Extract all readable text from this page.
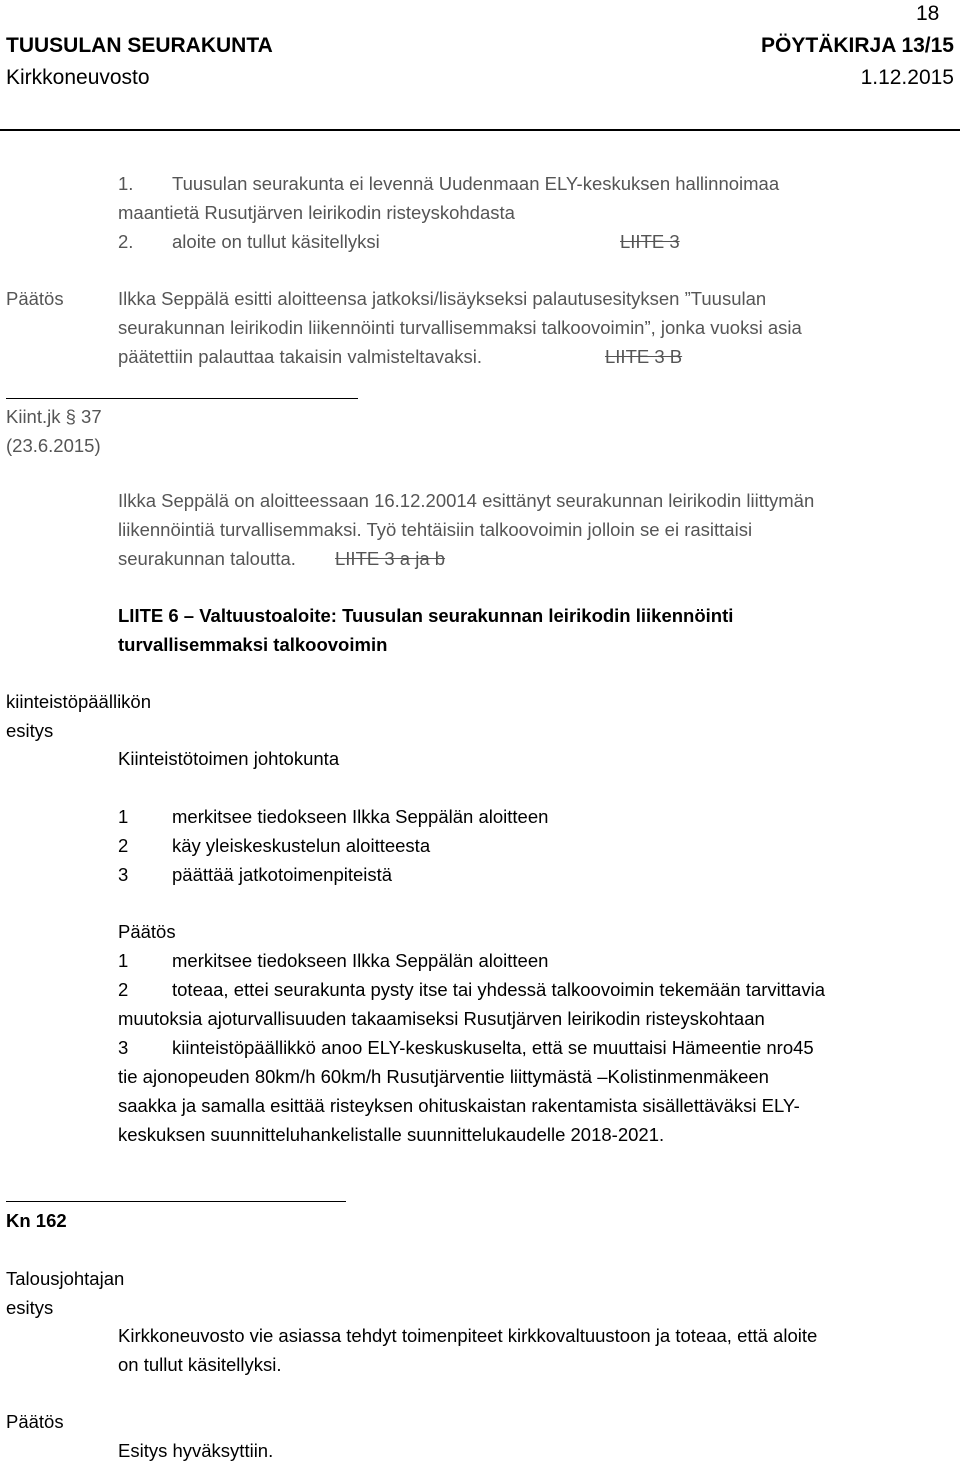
18
TUUSULAN SEURAKUNTA	PÖYTÄKIRJA 13/15
Kirkkoneuvosto	1.12.2015
1. Tuusulan seurakunta ei levennä Uudenmaan ELY-keskuksen hallinnoimaa
maantietä Rusutjärven leirikodin risteyskohdasta
2. aloite on tullut käsitellyksi	LIITE 3
Päätös	Ilkka Seppälä esitti aloitteensa jatkoksi/lisäykseksi palautusesityksen ”Tuusulan
seurakunnan leirikodin liikennöinti turvallisemmaksi talkoovoimin”, jonka vuoksi asia
päätettiin palauttaa takaisin valmisteltavaksi.	LIITE 3 B
Kiint.jk § 37
(23.6.2015)
Ilkka Seppälä on aloitteessaan 16.12.20014 esittänyt seurakunnan leirikodin liittymän
liikennöintiä turvallisemmaksi. Työ tehtäisiin talkoovoimin jolloin se ei rasittaisi
seurakunnan taloutta. LIITE 3 a ja b
LIITE 6 – Valtuustoaloite: Tuusulan seurakunnan leirikodin liikennöinti
turvallisemmaksi talkoovoimin
kiinteistöpäällikön
esitys
Kiinteistötoimen johtokunta
1 merkitsee tiedokseen Ilkka Seppälän aloitteen
2 käy yleiskeskustelun aloitteesta
3 päättää jatkotoimenpiteistä
Päätös
1 merkitsee tiedokseen Ilkka Seppälän aloitteen
2 toteaa, ettei seurakunta pysty itse tai yhdessä talkoovoimin tekemään tarvittavia
muutoksia ajoturvallisuuden takaamiseksi Rusutjärven leirikodin risteyskohtaan
3 kiinteistöpäällikkö anoo ELY-keskuskuselta, että se muuttaisi Hämeentie nro45
tie ajonopeuden 80km/h 60km/h Rusutjärventie liittymästä –Kolistinmenmäkeen
saakka ja samalla esittää risteyksen ohituskaistan rakentamista sisällettäväksi ELY-
keskuksen suunnitteluhankelistalle suunnittelukaudelle 2018-2021.
Kn 162
Talousjohtajan
esitys
Kirkkoneuvosto vie asiassa tehdyt toimenpiteet kirkkovaltuustoon ja toteaa, että aloite
on tullut käsitellyksi.
Päätös
Esitys hyväksyttiin.
